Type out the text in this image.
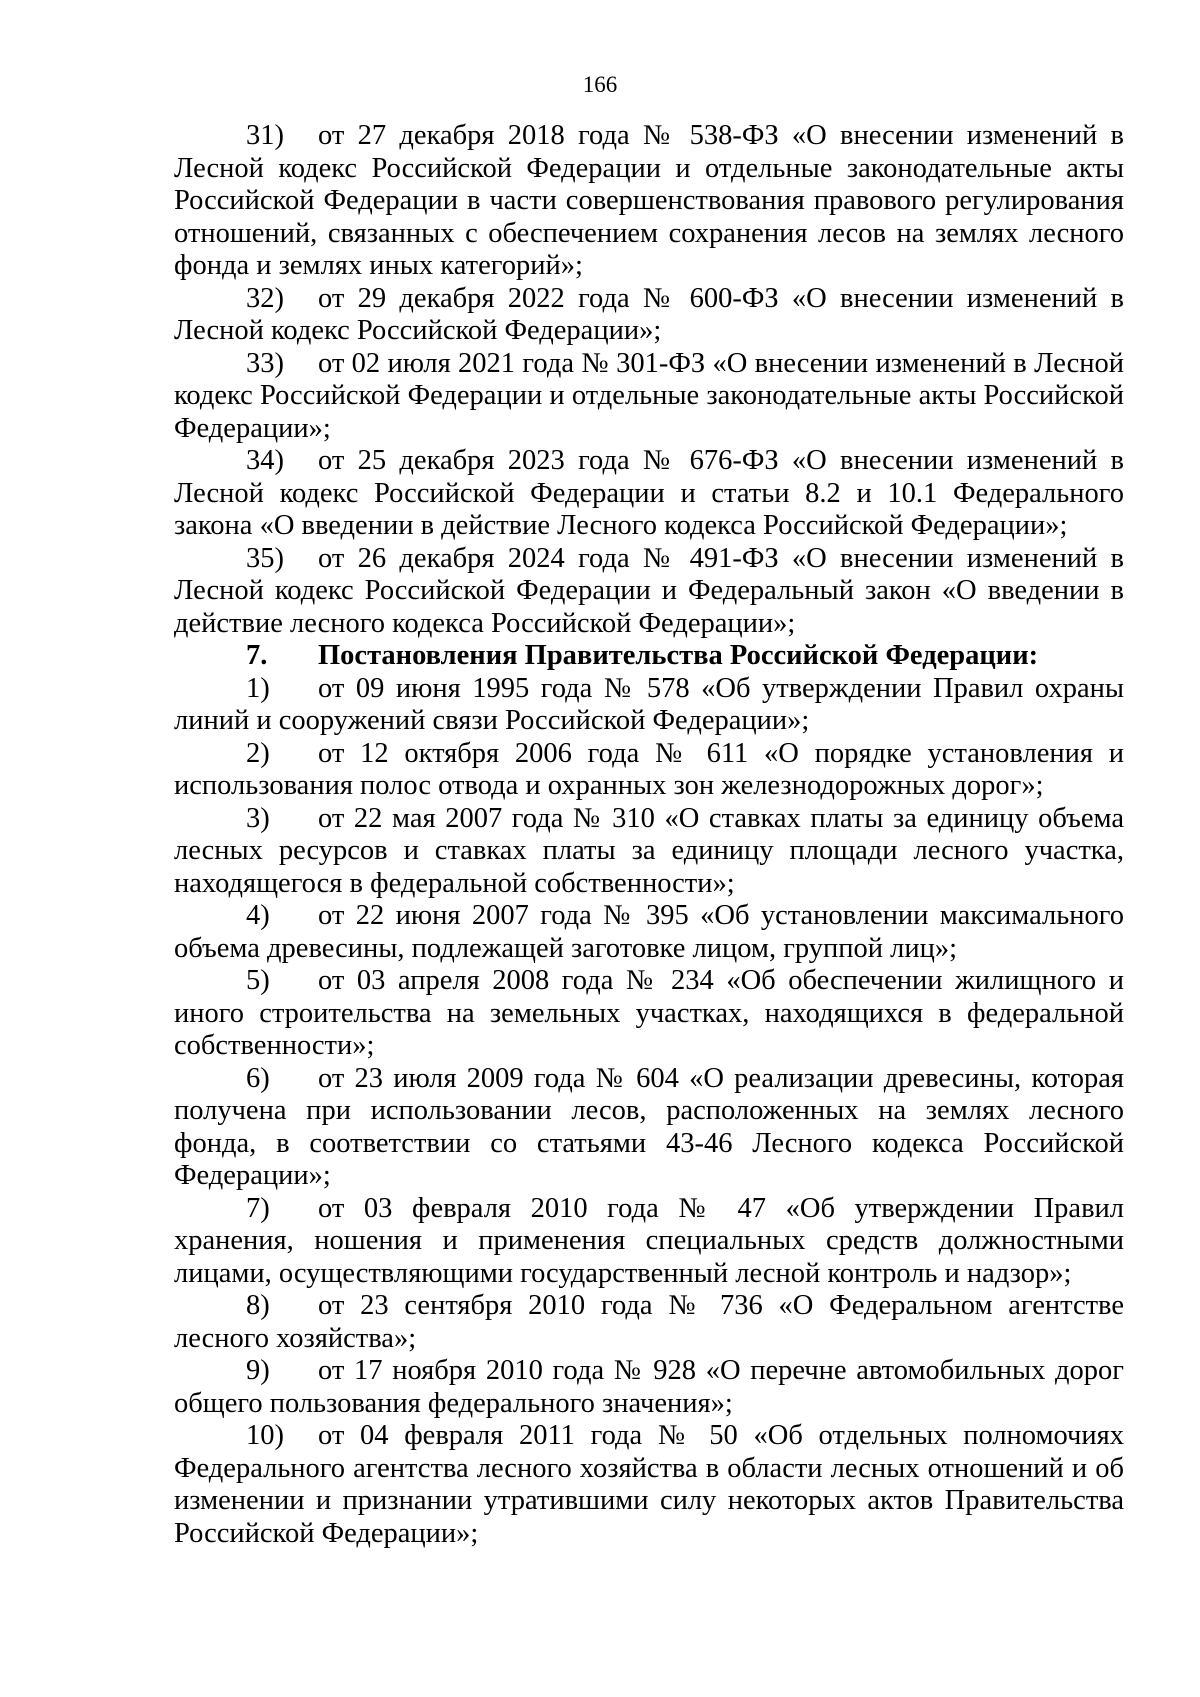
166

31) от 27 декабря 2018 года № 538-ФЗ «О внесении изменений в Лесной кодекс Российской Федерации и отдельные законодательные акты Российской Федерации в части совершенствования правового регулирования отношений, связанных с обеспечением сохранения лесов на землях лесного фонда и землях иных категорий»;

32) от 29 декабря 2022 года № 600-ФЗ «О внесении изменений в Лесной кодекс Российской Федерации»;

33) от 02 июля 2021 года № 301-ФЗ «О внесении изменений в Лесной кодекс Российской Федерации и отдельные законодательные акты Российской Федерации»;

34) от 25 декабря 2023 года № 676-ФЗ «О внесении изменений в Лесной кодекс Российской Федерации и статьи 8.2 и 10.1 Федерального закона «О введении в действие Лесного кодекса Российской Федерации»;

35) от 26 декабря 2024 года № 491-ФЗ «О внесении изменений в Лесной кодекс Российской Федерации и Федеральный закон «О введении в действие лесного кодекса Российской Федерации»;

7. Постановления Правительства Российской Федерации:

1) от 09 июня 1995 года № 578 «Об утверждении Правил охраны линий и сооружений связи Российской Федерации»;

2) от 12 октября 2006 года № 611 «О порядке установления и использования полос отвода и охранных зон железнодорожных дорог»;

3) от 22 мая 2007 года № 310 «О ставках платы за единицу объема лесных ресурсов и ставках платы за единицу площади лесного участка, находящегося в федеральной собственности»;

4) от 22 июня 2007 года № 395 «Об установлении максимального объема древесины, подлежащей заготовке лицом, группой лиц»;

5) от 03 апреля 2008 года № 234 «Об обеспечении жилищного и иного строительства на земельных участках, находящихся в федеральной собственности»;

6) от 23 июля 2009 года № 604 «О реализации древесины, которая получена при использовании лесов, расположенных на землях лесного фонда, в соответствии со статьями 43-46 Лесного кодекса Российской Федерации»;

7) от 03 февраля 2010 года № 47 «Об утверждении Правил хранения, ношения и применения специальных средств должностными лицами, осуществляющими государственный лесной контроль и надзор»;

8) от 23 сентября 2010 года № 736 «О Федеральном агентстве лесного хозяйства»;

9) от 17 ноября 2010 года № 928 «О перечне автомобильных дорог общего пользования федерального значения»;

10) от 04 февраля 2011 года № 50 «Об отдельных полномочиях Федерального агентства лесного хозяйства в области лесных отношений и об изменении и признании утратившими силу некоторых актов Правительства Российской Федерации»;
